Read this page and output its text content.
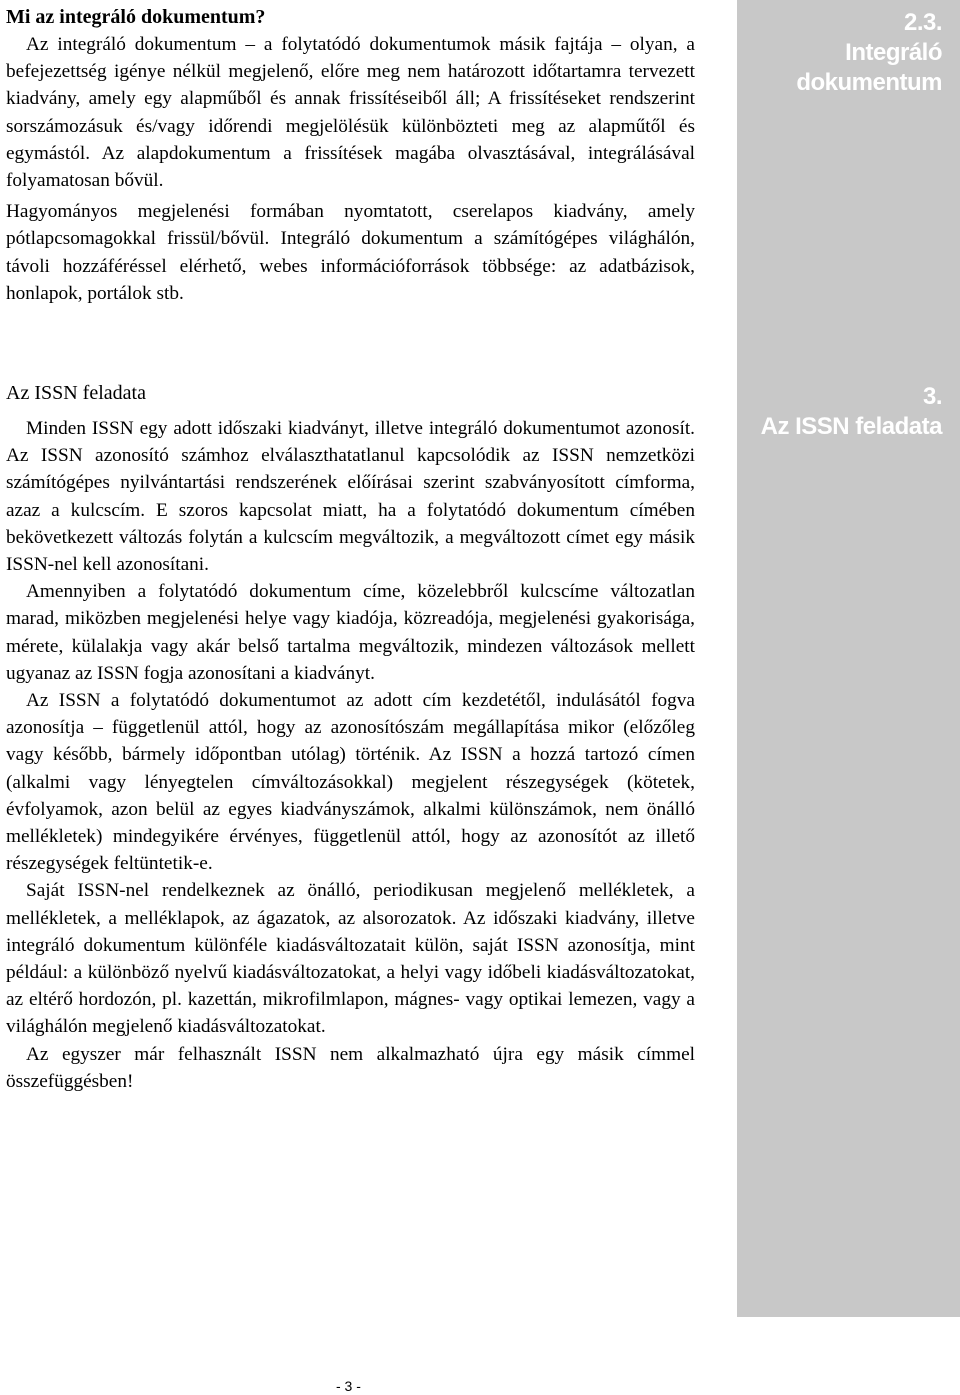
2.3.
Integráló
dokumentum
3.
Az ISSN feladata
Mi az integráló dokumentum?

Az integráló dokumentum – a folytatódó dokumentumok másik fajtája – olyan, a befejezettség igénye nélkül megjelenő, előre meg nem határozott időtartamra tervezett kiadvány, amely egy alapműből és annak frissítéseiből áll; A frissítéseket rendszerint sorszámozásuk és/vagy időrendi megjelölésük különbözteti meg az alapműtől és egymástól. Az alapdokumentum a frissítések magába olvasztásával, integrálásával folyamatosan bővül.

Hagyományos megjelenési formában nyomtatott, cserelapos kiadvány, amely pótlapcsomagokkal frissül/bővül. Integráló dokumentum a számítógépes világhálón, távoli hozzáféréssel elérhető, webes információforrások többsége: az adatbázisok, honlapok, portálok stb.

Az ISSN feladata

Minden ISSN egy adott időszaki kiadványt, illetve integráló dokumentumot azonosít. Az ISSN azonosító számhoz elválaszthatatlanul kapcsolódik az ISSN nemzetközi számítógépes nyilvántartási rendszerének előírásai szerint szabványosított címforma, azaz a kulcscím. E szoros kapcsolat miatt, ha a folytatódó dokumentum címében bekövetkezett változás folytán a kulcscím megváltozik, a megváltozott címet egy másik ISSN-nel kell azonosítani.

Amennyiben a folytatódó dokumentum címe, közelebbről kulcscíme változatlan marad, miközben megjelenési helye vagy kiadója, közreadója, megjelenési gyakorisága, mérete, külalakja vagy akár belső tartalma megváltozik, mindezen változások mellett ugyanaz az ISSN fogja azonosítani a kiadványt.

Az ISSN a folytatódó dokumentumot az adott cím kezdetétől, indulásától fogva azonosítja – függetlenül attól, hogy az azonosítószám megállapítása mikor (előzőleg vagy később, bármely időpontban utólag) történik. Az ISSN a hozzá tartozó címen (alkalmi vagy lényegtelen címváltozásokkal) megjelent részegységek (kötetek, évfolyamok, azon belül az egyes kiadványszámok, alkalmi különszámok, nem önálló mellékletek) mindegyikére érvényes, függetlenül attól, hogy az azonosítót az illető részegységek feltüntetik-e.

Saját ISSN-nel rendelkeznek az önálló, periodikusan megjelenő mellékletek, a mellékletek, a melléklapok, az ágazatok, az alsorozatok. Az időszaki kiadvány, illetve integráló dokumentum különféle kiadásváltozatait külön, saját ISSN azonosítja, mint például: a különböző nyelvű kiadásváltozatokat, a helyi vagy időbeli kiadásváltozatokat, az eltérő hordozón, pl. kazettán, mikrofilmlapon, mágnes- vagy optikai lemezen, vagy a világhálón megjelenő kiadásváltozatokat.

Az egyszer már felhasznált ISSN nem alkalmazható újra egy másik címmel összefüggésben!

- 3 -
